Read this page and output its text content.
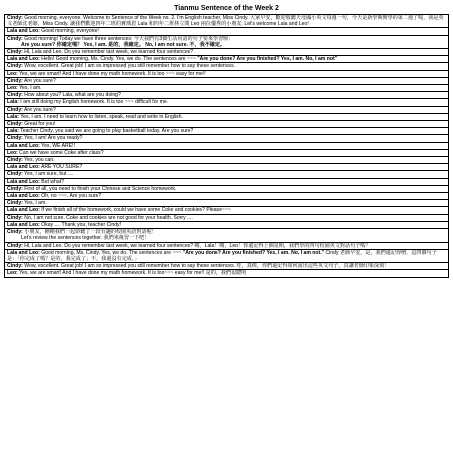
Tianmu Sentence of the Week 2
Cindy: Good morning, everyone. Welcome to Sentence of the Week no. 2. I'm English teacher, Miss Cindy. 大家早安，歡迎收聽天母國小英文每週一句，今天是新學期開學的第二週了呢，我是英文老師沈老師，Miss Cindy. 讓我們歡迎四年二班的實瑀恩 Lala 和四年二班林立閔 Leo 兩位優秀的小朋友. Let's welcome Lala and Leo!
Lala and Leo: Good morning, everyone!
Cindy: Good morning! Today we have three sentences: 今天我們有3個生活用語的句子要來學習喔：
Are you sure? 你確定嗎？ Yes, I am. 是的，我確定。 No, I am not sure. 不，我不確定。
Cindy: Hi, Lala and Leo. Do you remember last week, we learned four sentences?
Lala and Leo: Hello! Good morning, Ms. Cindy. Yes, we do. The sentences are ~~~ "Are you done? Are you finished? Yes, I am. No, I am not"
Cindy: Wow, excellent. Great job! I am so impressed you still remember how to say these sentences.
Leo: Yes, we are smart! And I have done my math homework. It is too ~~~ easy for me!!
Cindy: Are you sure?
Leo: Yes, I am.
Cindy: How about you? Lala, what are you doing?
Lala: I am still doing my English homework. It is too ~~~ difficult for me.
Cindy: Are you sure?
Lala: Yes, I am. I need to learn how to listen, speak, read and write in English.
Cindy: Great for you!
Lala: Teacher Cindy, you said we are going to play basketball today. Are you sure?
Cindy: Yes, I am! Are you ready?
Lala and Leo: Yes, WE ARE!!
Leo: Can we have some Coke after class?
Cindy: Yes, you can.
Lala and Leo: ARE YOU SURE?
Cindy: Yes, I am sure, but ....
Lala and Leo: But what?
Cindy: First of all, you need to finish your Chinese and Science homework.
Lala and Leo: Oh, no ~~~. Are you sure?
Cindy: Yes, I am.
Lala and Leo: If we finish all of the homework, could we have some Coke and cookies? Please~~~
Cindy: No, I am not sure. Coke and cookies are not good for your health. Sorry ....
Lala and Leo: Okay .... Thank you, teacher Cindy!
Cindy: 小朋友，剛剛我們一起聆聽了一段有趣的校園英語對話呢！
Let's review the sentences together. 我們來複習一下吧！
Cindy: Hi, Lala and Leo. Do you remember last week, we learned four sentences? 嗨，Lala！嗨，Leo！你還記得上個星期，我們學的四句校園英文對話句子嗎？
Lala and Leo: Good morning, Ms. Cindy. Yes, we do. The sentences are ~~~ "Are you done? Are you finished? Yes, I am. No, I am not." Cindy 老師早安，是，我們還記得唷，這四個句子是：「你完成了嗎？是的，我完成了；不，我還沒有完成。」
Cindy: Wow, excellent. Great job! I am so impressed you still remember how to say these sentences. 哇，真棒，你們還記得如何說出這些英文句子，真讓老師印象深刻！
Leo: Yes, we are smart! And I have done my math homework. It is too~~~ easy for me!! 是的，我們很聰明
